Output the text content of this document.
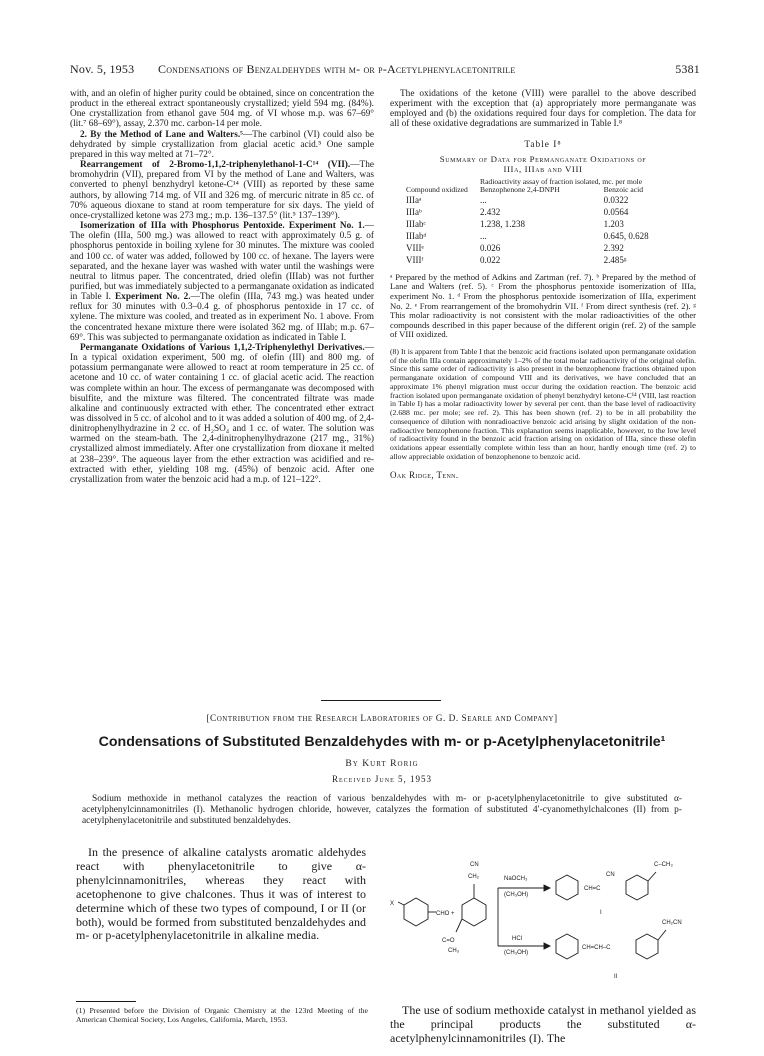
Nov. 5, 1953 Condensations of Benzaldehydes with m- or p-Acetylphenylacetonitrile	5381

with, and an olefin of higher purity could be obtained, since on concentration the product in the ethereal extract spontaneously crystallized; yield 594 mg. (84%). One crystallization from ethanol gave 504 mg. of VI whose m.p. was 67–69° (lit.⁷ 68–69°), assay, 2.370 mc. carbon-14 per mole.

2. By the Method of Lane and Walters.⁵—The carbinol (VI) could also be dehydrated by simple crystallization from glacial acetic acid.⁵ One sample prepared in this way melted at 71–72°.

Rearrangement of 2-Bromo-1,1,2-triphenylethanol-1-C¹⁴ (VII).—The bromohydrin (VII), prepared from VI by the method of Lane and Walters, was converted to phenyl benzhydryl ketone-C¹⁴ (VIII) as reported by these same authors, by allowing 714 mg. of VII and 326 mg. of mercuric nitrate in 85 cc. of 70% aqueous dioxane to stand at room temperature for six days. The yield of once-crystallized ketone was 273 mg.; m.p. 136–137.5° (lit.⁵ 137–139°).

Isomerization of IIIa with Phosphorus Pentoxide. Experiment No. 1.—The olefin (IIIa, 500 mg.) was allowed to react with approximately 0.5 g. of phosphorus pentoxide in boiling xylene for 30 minutes. The mixture was cooled and 100 cc. of water was added, followed by 100 cc. of hexane. The layers were separated, and the hexane layer was washed with water until the washings were neutral to litmus paper. The concentrated, dried olefin (IIIab) was not further purified, but was immediately subjected to a permanganate oxidation as indicated in Table I. Experiment No. 2.—The olefin (IIIa, 743 mg.) was heated under reflux for 30 minutes with 0.3–0.4 g. of phosphorus pentoxide in 17 cc. of xylene. The mixture was cooled, and treated as in experiment No. 1 above. From the concentrated hexane mixture there were isolated 362 mg. of IIIab; m.p. 67–69°. This was subjected to permanganate oxidation as indicated in Table I.

Permanganate Oxidations of Various 1,1,2-Triphenylethyl Derivatives.—In a typical oxidation experiment, 500 mg. of olefin (III) and 800 mg. of potassium permanganate were allowed to react at room temperature in 25 cc. of acetone and 10 cc. of water containing 1 cc. of glacial acetic acid. The reaction was complete within an hour. The excess of permanganate was decomposed with bisulfite, and the mixture was filtered. The concentrated filtrate was made alkaline and continuously extracted with ether. The concentrated ether extract was dissolved in 5 cc. of alcohol and to it was added a solution of 400 mg. of 2,4-dinitrophenylhydrazine in 2 cc. of H₂SO₄ and 1 cc. of water. The solution was warmed on the steam-bath. The 2,4-dinitrophenylhydrazone (217 mg., 31%) crystallized almost immediately. After one crystallization from dioxane it melted at 238–239°. The aqueous layer from the ether extraction was acidified and re-extracted with ether, yielding 108 mg. (45%) of benzoic acid. After one crystallization from water the benzoic acid had a m.p. of 121–122°.

The oxidations of the ketone (VIII) were parallel to the above described experiment with the exception that (a) appropriately more permanganate was employed and (b) the oxidations required four days for completion. The data for all of these oxidative degradations are summarized in Table I.⁸

Table I⁸
Summary of Data for Permanganate Oxidations of
IIIa, IIIab and VIII
Compound oxidized	Radioactivity assay of fraction isolated, mc. per mole	
	Benzophenone 2,4-DNPH	Benzoic acid
IIIaᵃ	...	0.0322
IIIaᵇ	2.432	0.0564
IIIabᶜ	1.238, 1.238	1.203
IIIabᵈ	...	0.645, 0.628
VIIIᵉ	0.026	2.392
VIIIᶠ	0.022	2.485ᵍ
ᵃ Prepared by the method of Adkins and Zartman (ref. 7). ᵇ Prepared by the method of Lane and Walters (ref. 5). ᶜ From the phosphorus pentoxide isomerization of IIIa, experiment No. 1. ᵈ From the phosphorus pentoxide isomerization of IIIa, experiment No. 2. ᵉ From rearrangement of the bromohydrin VII. ᶠ From direct synthesis (ref. 2). ᵍ This molar radioactivity is not consistent with the molar radioactivities of the other compounds described in this paper because of the different origin (ref. 2) of the sample of VIII oxidized.
(8) It is apparent from Table I that the benzoic acid fractions isolated upon permanganate oxidation of the olefin IIIa contain approximately 1–2% of the total molar radioactivity of the original olefin. Since this same order of radioactivity is also present in the benzophenone fractions obtained upon permanganate oxidation of compound VIII and its derivatives, we have concluded that an approximate 1% phenyl migration must occur during the oxidation reaction. The benzoic acid fraction isolated upon permanganate oxidation of phenyl benzhydryl ketone-C¹⁴ (VIII, last reaction in Table I) has a molar radioactivity lower by several per cent. than the base level of radioactivity (2.688 mc. per mole; see ref. 2). This has been shown (ref. 2) to be in all probability the consequence of dilution with nonradioactive benzoic acid arising by slight oxidation of the non-radioactive benzophenone fraction. This explanation seems inapplicable, however, to the low level of radioactivity found in the benzoic acid fraction arising on oxidation of IIIa, since these olefin oxidations appear essentially complete within less than an hour, hardly enough time (ref. 2) to allow appreciable oxidation of benzophenone to benzoic acid.
Oak Ridge, Tenn.
[Contribution from the Research Laboratories of G. D. Searle and Company]
Condensations of Substituted Benzaldehydes with m- or p-Acetylphenylacetonitrile¹
By Kurt Rorig
Received June 5, 1953
Sodium methoxide in methanol catalyzes the reaction of various benzaldehydes with m- or p-acetylphenylacetonitrile to give substituted α-acetylphenylcinnamonitriles (I). Methanolic hydrogen chloride, however, catalyzes the formation of substituted 4′-cyanomethylchalcones (II) from p-acetylphenylacetonitrile and substituted benzaldehydes.
In the presence of alkaline catalysts aromatic aldehydes react with phenylacetonitrile to give α-phenylcinnamonitriles, whereas they react with acetophenone to give chalcones. Thus it was of interest to determine which of these two types of compound, I or II (or both), would be formed from substituted benzaldehydes and m- or p-acetylphenylacetonitrile in alkaline media.
(1) Presented before the Division of Organic Chemistry at the 123rd Meeting of the American Chemical Society, Los Angeles, California, March, 1953.
The use of sodium methoxide catalyst in methanol yielded as the principal products the substituted α-acetylphenylcinnamonitriles (I). The
X
CHO +
CN
CH₂
C=O
CH₃
NaOCH₃
(CH₃OH)
HCl
(CH₃OH)
CH=C
CN
C–CH₃
I
CH=CH–C
CH₂CN
II
